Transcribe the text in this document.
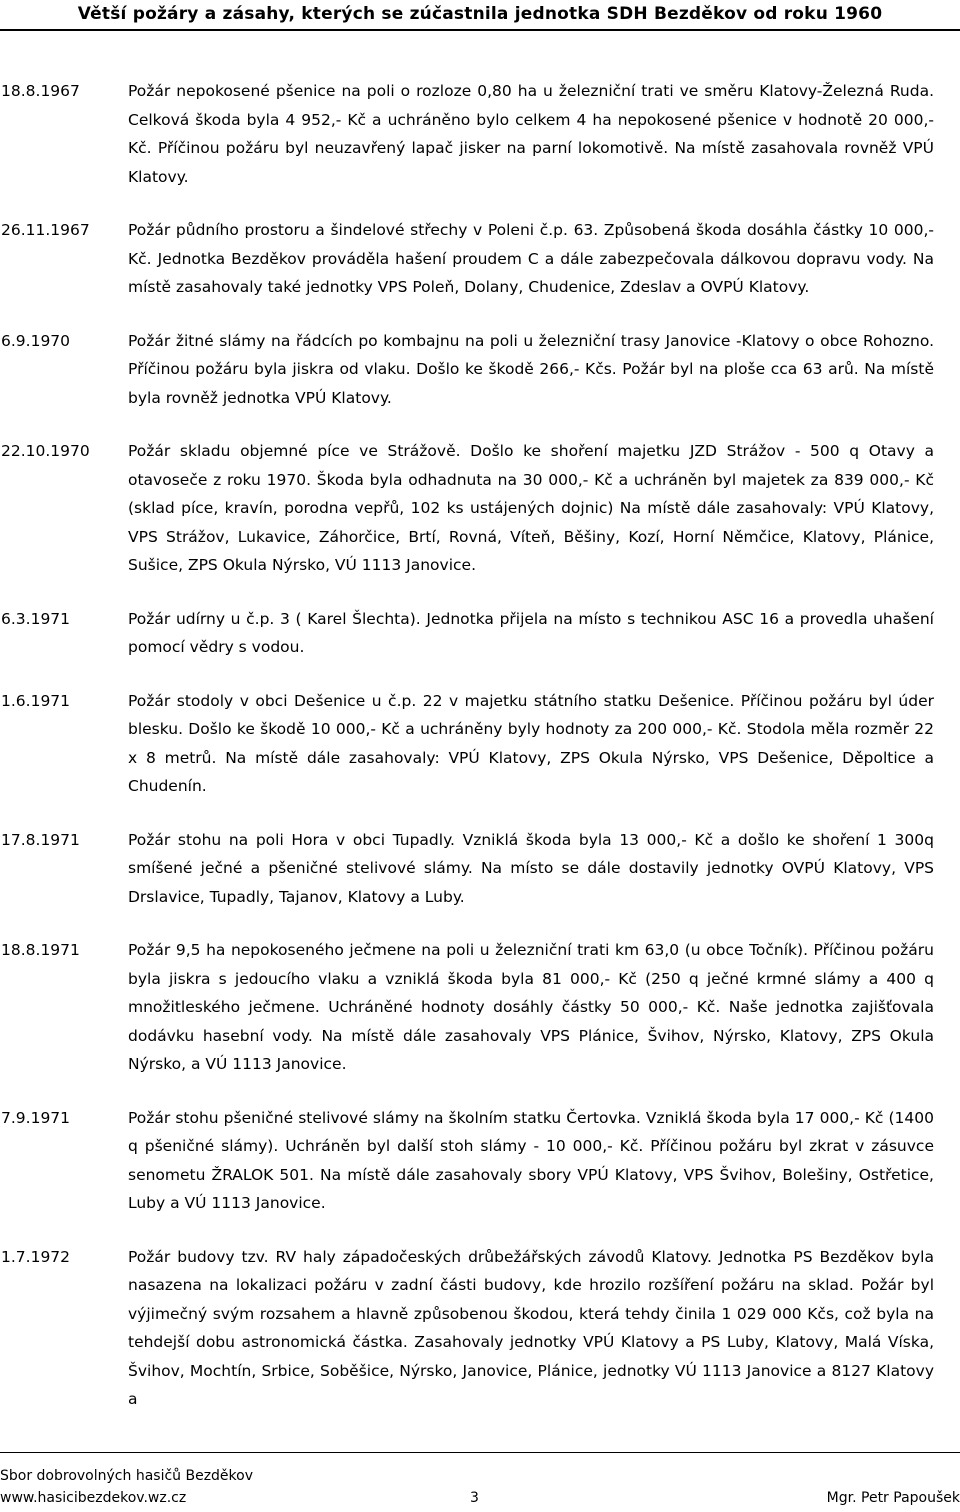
Větší požáry a zásahy, kterých se zúčastnila jednotka SDH Bezděkov od roku 1960
18.8.1967	Požár nepokosené pšenice na poli o rozloze 0,80 ha u železniční trati ve směru Klatovy-Železná Ruda. Celková škoda byla 4 952,- Kč a uchráněno bylo celkem 4 ha nepokosené pšenice v hodnotě 20 000,- Kč. Příčinou požáru byl neuzavřený lapač jisker na parní lokomotivě. Na místě zasahovala rovněž VPÚ Klatovy.
26.11.1967	Požár půdního prostoru a šindelové střechy v Poleni č.p. 63. Způsobená škoda dosáhla částky 10 000,- Kč. Jednotka Bezděkov prováděla hašení proudem C a dále zabezpečovala dálkovou dopravu vody. Na místě zasahovaly také jednotky VPS Poleň, Dolany, Chudenice, Zdeslav a OVPÚ Klatovy.
6.9.1970	Požár žitné slámy na řádcích po kombajnu na poli u železniční trasy Janovice -Klatovy o obce Rohozno. Příčinou požáru byla jiskra od vlaku. Došlo ke škodě 266,- Kčs. Požár byl na ploše cca 63 arů. Na místě byla rovněž jednotka VPÚ Klatovy.
22.10.1970	Požár skladu objemné píce ve Strážově. Došlo ke shoření majetku JZD Strážov - 500 q Otavy a otavoseče z roku 1970. Škoda byla odhadnuta na 30 000,- Kč a uchráněn byl majetek za 839 000,- Kč (sklad píce, kravín, porodna vepřů, 102 ks ustájených dojnic) Na místě dále zasahovaly: VPÚ Klatovy, VPS Strážov, Lukavice, Záhorčice, Brtí, Rovná, Víteň, Běšiny, Kozí, Horní Němčice, Klatovy, Plánice, Sušice, ZPS Okula Nýrsko, VÚ 1113 Janovice.
6.3.1971	Požár udírny u č.p. 3 ( Karel Šlechta). Jednotka přijela na místo s technikou ASC 16 a provedla uhašení pomocí vědry s vodou.
1.6.1971	Požár stodoly v obci Dešenice u č.p. 22 v majetku státního statku Dešenice. Příčinou požáru byl úder blesku. Došlo ke škodě 10 000,- Kč a uchráněny byly hodnoty za 200 000,- Kč. Stodola měla rozměr 22 x 8 metrů. Na místě dále zasahovaly: VPÚ Klatovy, ZPS Okula Nýrsko, VPS Dešenice, Děpoltice a Chudenín.
17.8.1971	Požár stohu na poli Hora v obci Tupadly. Vzniklá škoda byla 13 000,- Kč a došlo ke shoření 1 300q smíšené ječné a pšeničné stelivové slámy. Na místo se dále dostavily jednotky OVPÚ Klatovy, VPS Drslavice, Tupadly, Tajanov, Klatovy a Luby.
18.8.1971	Požár 9,5 ha nepokoseného ječmene na poli u železniční trati km 63,0 (u obce Točník). Příčinou požáru byla jiskra s jedoucího vlaku a vzniklá škoda byla 81 000,- Kč (250 q ječné krmné slámy a 400 q množitleského ječmene. Uchráněné hodnoty dosáhly částky 50 000,- Kč. Naše jednotka zajišťovala dodávku hasební vody. Na místě dále zasahovaly VPS Plánice, Švihov, Nýrsko, Klatovy, ZPS Okula Nýrsko, a VÚ 1113 Janovice.
7.9.1971	Požár stohu pšeničné stelivové slámy na školním statku Čertovka. Vzniklá škoda byla 17 000,- Kč (1400 q pšeničné slámy). Uchráněn byl další stoh slámy - 10 000,- Kč. Příčinou požáru byl zkrat v zásuvce senometu ŽRALOK 501. Na místě dále zasahovaly sbory VPÚ Klatovy, VPS Švihov, Bolešiny, Ostřetice, Luby a VÚ 1113 Janovice.
1.7.1972	Požár budovy tzv. RV haly západočeských drůbežářských závodů Klatovy. Jednotka PS Bezděkov byla nasazena na lokalizaci požáru v zadní části budovy, kde hrozilo rozšíření požáru na sklad. Požár byl výjimečný svým rozsahem a hlavně způsobenou škodou, která tehdy činila 1 029 000 Kčs, což byla na tehdejší dobu astronomická částka. Zasahovaly jednotky VPÚ Klatovy a PS Luby, Klatovy, Malá Víska, Švihov, Mochtín, Srbice, Soběšice, Nýrsko, Janovice, Plánice, jednotky VÚ 1113 Janovice a 8127 Klatovy a
Sbor dobrovolných hasičů Bezděkov
www.hasicibezdekov.wz.cz	3	Mgr. Petr Papoušek
